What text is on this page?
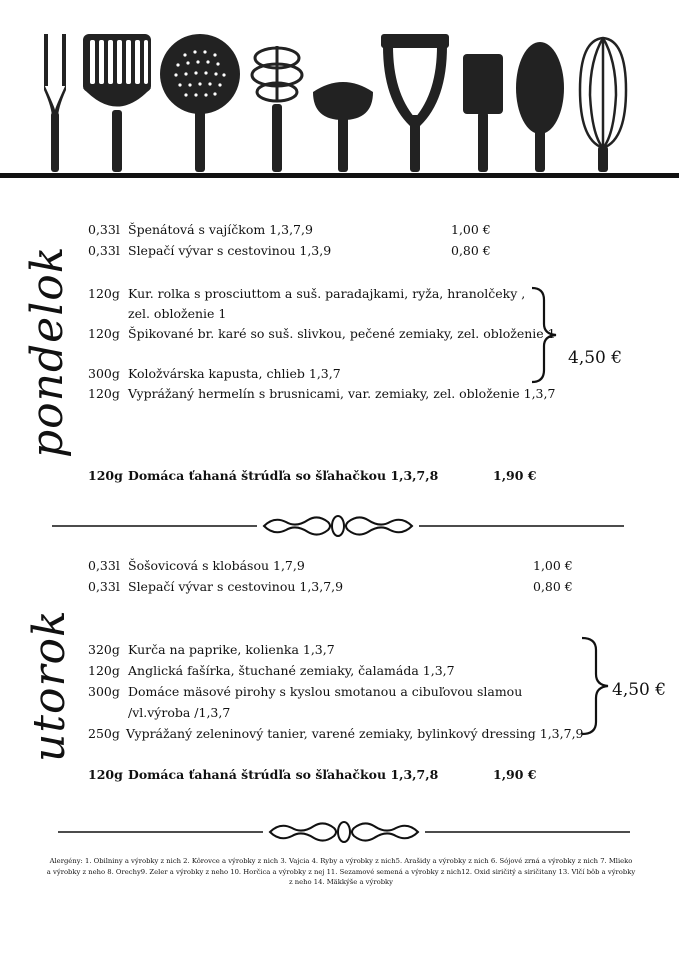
pondelok
0,33l Špenátová s vajíčkom 1,3,7,9	1,00 €
0,33l Slepačí vývar s cestovinou 1,3,9	0,80 €
120g Kur. rolka s prosciuttom a suš. paradajkami, ryža, hranolčeky ,
zel. obloženie 1
120g Špikované br. karé so suš. slivkou, pečené zemiaky, zel. obloženie 1
300g Koložvárska kapusta, chlieb 1,3,7
120g Vyprážaný hermelín s brusnicami, var. zemiaky, zel. obloženie 1,3,7
4,50 €
120g Domáca ťahaná štrúdľa so šľahačkou 1,3,7,8	1,90 €
utorok
0,33l Šošovicová s klobásou 1,7,9	1,00 €
0,33l Slepačí vývar s cestovinou 1,3,7,9	0,80 €
320g Kurča na paprike, kolienka 1,3,7
120g Anglická fašírka, štuchané zemiaky, čalamáda 1,3,7
300g Domáce mäsové pirohy s kyslou smotanou a cibuľovou slamou
/vl.výroba /1,3,7
250g Vyprážaný zeleninový tanier, varené zemiaky, bylinkový dressing 1,3,7,9
4,50 €
120g Domáca ťahaná štrúdľa so šľahačkou 1,3,7,8	1,90 €
Alergény: 1. Obilniny a výrobky z nich 2. Kôrovce a výrobky z nich 3. Vajcia 4. Ryby a výrobky z nich5. Arašidy a výrobky z nich 6. Sójové zrná a výrobky z nich 7. Mlieko
a výrobky z neho 8. Orechy9. Zeler a výrobky z neho 10. Horčica a výrobky z nej 11. Sezamové semená a výrobky z nich12. Oxid siričitý a siričitany 13. Vlčí bôb a výrobky
z neho 14. Mäkkýše a výrobky
